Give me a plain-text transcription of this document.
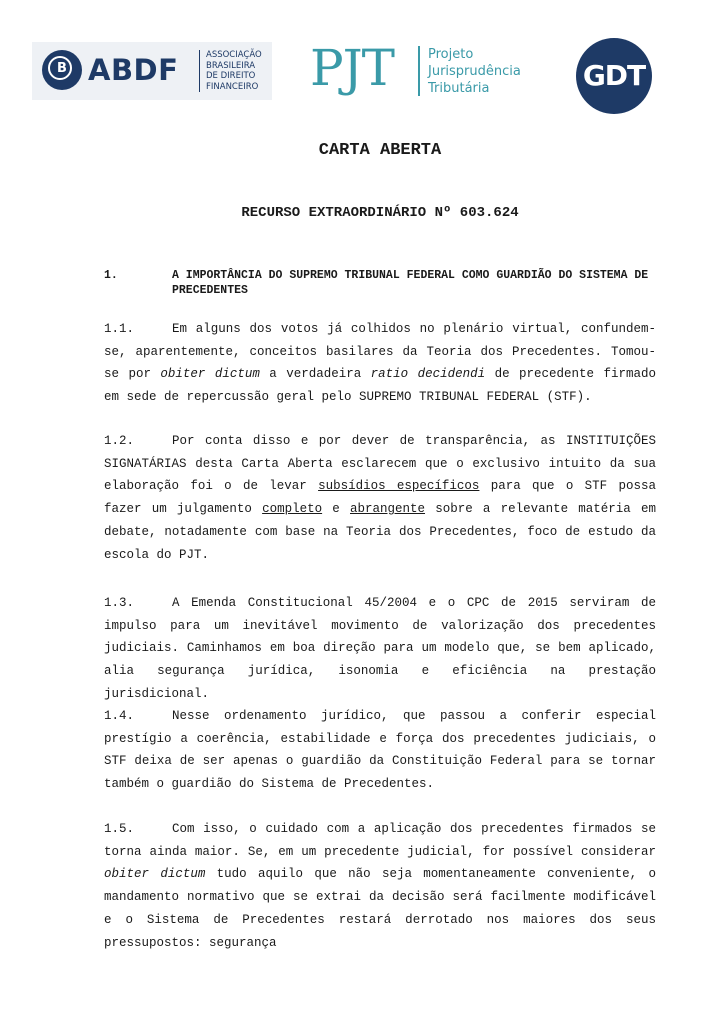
B ABDF	ASSOCIAÇÃO
BRASILEIRA
DE DIREITO
FINANCEIRO PJT	Projeto
Jurisprudência
Tributária	GDT
CARTA ABERTA
RECURSO EXTRAORDINÁRIO Nº 603.624
1.	A IMPORTÂNCIA DO SUPREMO TRIBUNAL FEDERAL COMO GUARDIÃO DO SISTEMA DE PRECEDENTES
1.1.	Em alguns dos votos já colhidos no plenário virtual, confundem-se, aparentemente, conceitos basilares da Teoria dos Precedentes. Tomou-se por obiter dictum a verdadeira ratio decidendi de precedente firmado em sede de repercussão geral pelo SUPREMO TRIBUNAL FEDERAL (STF).
1.2.	Por conta disso e por dever de transparência, as INSTITUIÇÕES SIGNATÁRIAS desta Carta Aberta esclarecem que o exclusivo intuito da sua elaboração foi o de levar subsídios específicos para que o STF possa fazer um julgamento completo e abrangente sobre a relevante matéria em debate, notadamente com base na Teoria dos Precedentes, foco de estudo da escola do PJT.
1.3.	A Emenda Constitucional 45/2004 e o CPC de 2015 serviram de impulso para um inevitável movimento de valorização dos precedentes judiciais. Caminhamos em boa direção para um modelo que, se bem aplicado, alia segurança jurídica, isonomia e eficiência na prestação jurisdicional.
1.4.	Nesse ordenamento jurídico, que passou a conferir especial prestígio a coerência, estabilidade e força dos precedentes judiciais, o STF deixa de ser apenas o guardião da Constituição Federal para se tornar também o guardião do Sistema de Precedentes.
1.5.	Com isso, o cuidado com a aplicação dos precedentes firmados se torna ainda maior. Se, em um precedente judicial, for possível considerar obiter dictum tudo aquilo que não seja momentaneamente conveniente, o mandamento normativo que se extrai da decisão será facilmente modificável e o Sistema de Precedentes restará derrotado nos maiores dos seus pressupostos: segurança
